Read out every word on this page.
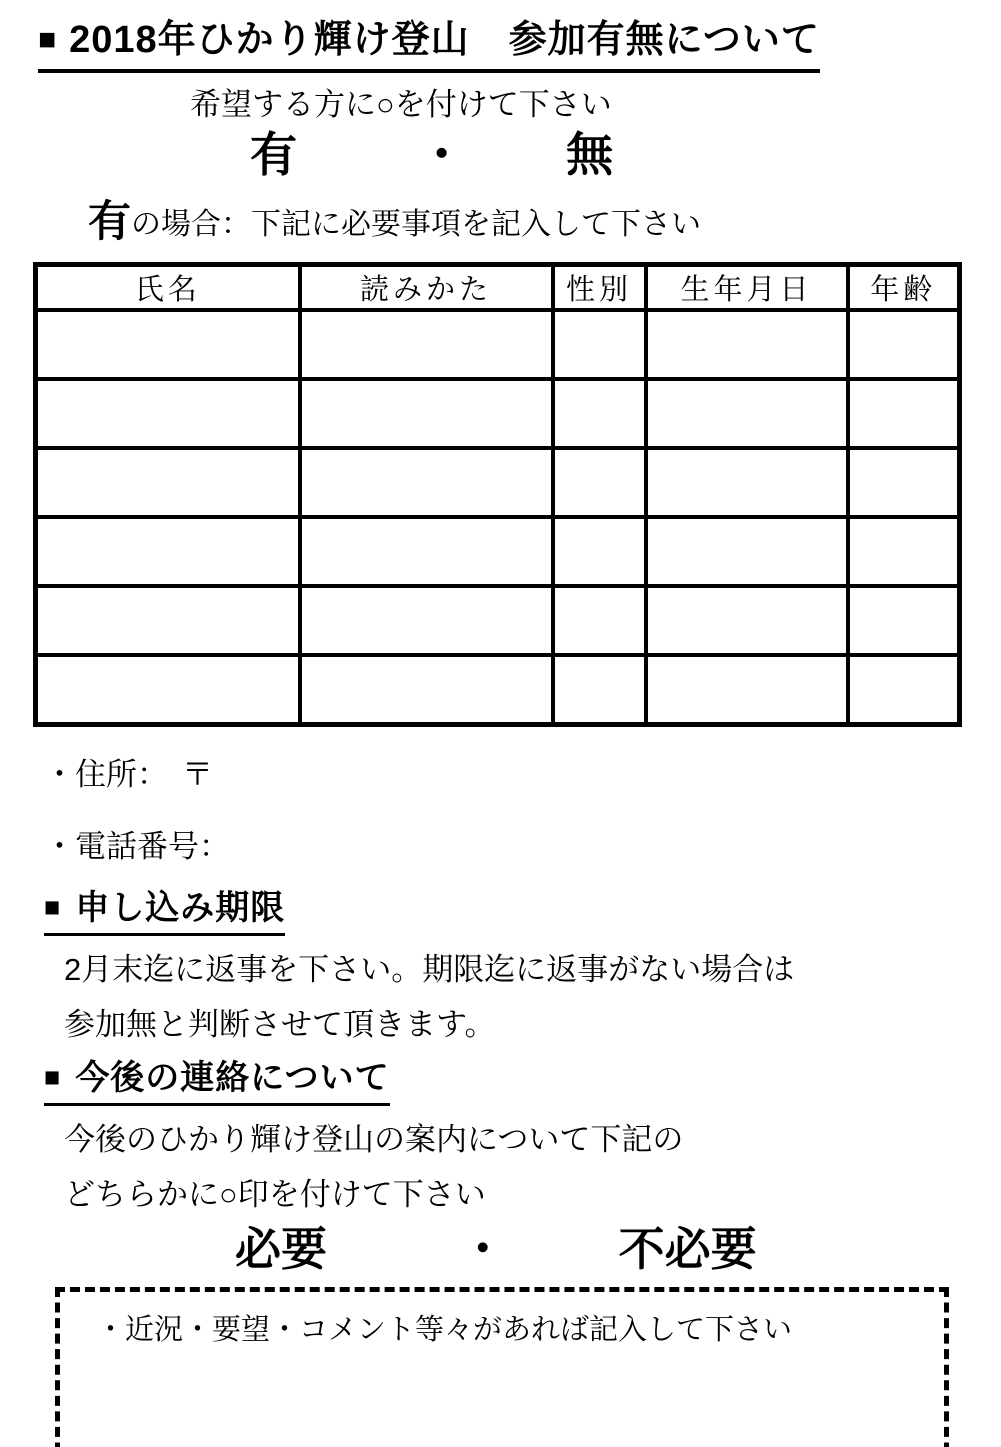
■ 2018年ひかり輝け登山　参加有無について
希望する方に○を付けて下さい
有	・ 無
有の場合：下記に必要事項を記入して下さい
氏名	読みかた	性別	生年月日	年齢

・住所： 〒
・電話番号：
■ 申し込み期限
2月末迄に返事を下さい。期限迄に返事がない場合は
参加無と判断させて頂きます。
■ 今後の連絡について
今後のひかり輝け登山の案内について下記の
どちらかに○印を付けて下さい
必要	・ 不必要
・近況・要望・コメント等々があれば記入して下さい
